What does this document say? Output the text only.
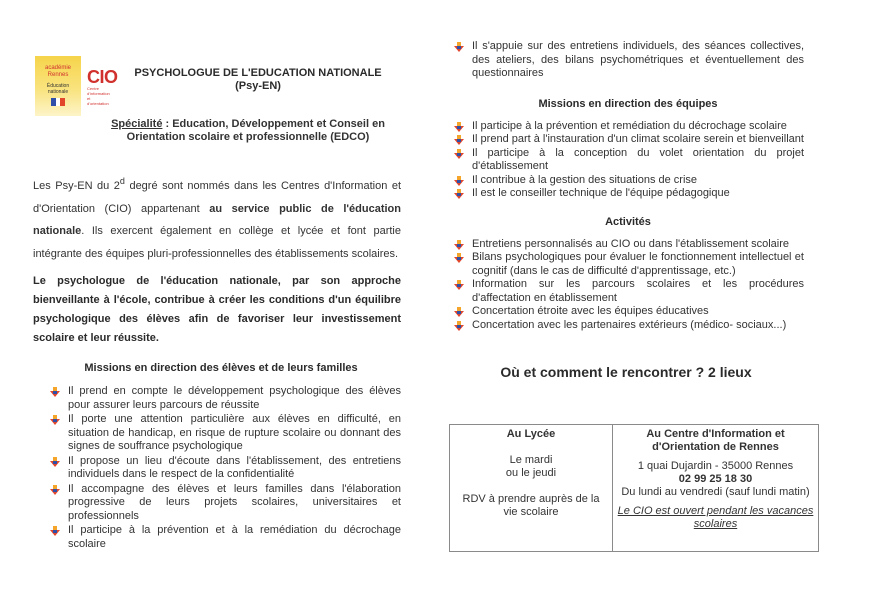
académie
Rennes
Éducation
nationale
CIO
Centre d'information et d'orientation
PSYCHOLOGUE DE L'EDUCATION NATIONALE
(Psy-EN)
Spécialité : Education, Développement et Conseil en Orientation scolaire et professionnelle (EDCO)

Les Psy-EN du 2$^d$ degré sont nommés dans les Centres d'Information et d'Orientation (CIO) appartenant au service public de l'éducation nationale. Ils exercent également en collège et lycée et font partie intégrante des équipes pluri-professionnelles des établissements scolaires.

Le psychologue de l'éducation nationale, par son approche bienveillante à l'école, contribue à créer les conditions d'un équilibre psychologique des élèves afin de favoriser leur investissement scolaire et leur réussite.

Missions en direction des élèves et de leurs familles
Il prend en compte le développement psychologique des élèves pour assurer leurs parcours de réussite
Il porte une attention particulière aux élèves en difficulté, en situation de handicap, en risque de rupture scolaire ou donnant des signes de souffrance psychologique
Il propose un lieu d'écoute dans l'établissement, des entretiens individuels dans le respect de la confidentialité
Il accompagne des élèves et leurs familles dans l'élaboration progressive de leurs projets scolaires, universitaires et professionnels
Il participe à la prévention et à la remédiation du décrochage scolaire
Il s'appuie sur des entretiens individuels, des séances collectives, des ateliers, des bilans psychométriques et éventuellement des questionnaires
Missions en direction des équipes
Il participe à la prévention et remédiation du décrochage scolaire
Il prend part à l'instauration d'un climat scolaire serein et bienveillant
Il participe à la conception du volet orientation du projet d'établissement
Il contribue à la gestion des situations de crise
Il est le conseiller technique de l'équipe pédagogique
Activités
Entretiens personnalisés au CIO ou dans l'établissement scolaire
Bilans psychologiques pour évaluer le fonctionnement intellectuel et cognitif (dans le cas de difficulté d'apprentissage, etc.)
Information sur les parcours scolaires et les procédures d'affectation en établissement
Concertation étroite avec les équipes éducatives
Concertation avec les partenaires extérieurs (médico- sociaux...)
Où et comment le rencontrer ? 2 lieux
Au Lycée
Le mardi
ou le jeudi
RDV à prendre auprès de la vie scolaire

Au Centre d'Information et
d'Orientation de Rennes
1 quai Dujardin - 35000 Rennes
02 99 25 18 30
Du lundi au vendredi (sauf lundi matin)
Le CIO est ouvert pendant les vacances scolaires
